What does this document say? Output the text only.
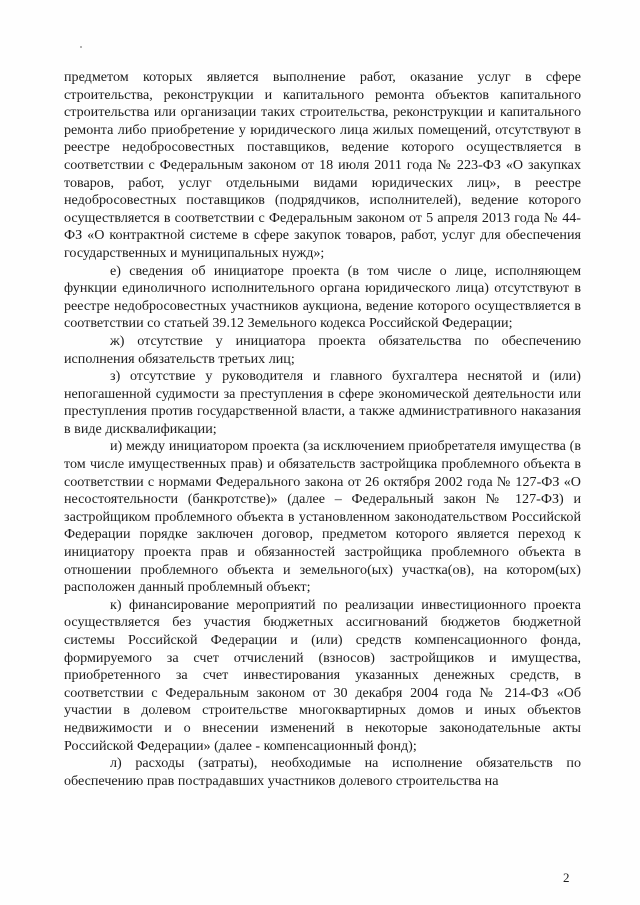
предметом которых является выполнение работ, оказание услуг в сфере строительства, реконструкции и капитального ремонта объектов капитального строительства или организации таких строительства, реконструкции и капитального ремонта либо приобретение у юридического лица жилых помещений, отсутствуют в реестре недобросовестных поставщиков, ведение которого осуществляется в соответствии с Федеральным законом от 18 июля 2011 года № 223-ФЗ «О закупках товаров, работ, услуг отдельными видами юридических лиц», в реестре недобросовестных поставщиков (подрядчиков, исполнителей), ведение которого осуществляется в соответствии с Федеральным законом от 5 апреля 2013 года № 44-ФЗ «О контрактной системе в сфере закупок товаров, работ, услуг для обеспечения государственных и муниципальных нужд»;

е) сведения об инициаторе проекта (в том числе о лице, исполняющем функции единоличного исполнительного органа юридического лица) отсутствуют в реестре недобросовестных участников аукциона, ведение которого осуществляется в соответствии со статьей 39.12 Земельного кодекса Российской Федерации;

ж) отсутствие у инициатора проекта обязательства по обеспечению исполнения обязательств третьих лиц;

з) отсутствие у руководителя и главного бухгалтера неснятой и (или) непогашенной судимости за преступления в сфере экономической деятельности или преступления против государственной власти, а также административного наказания в виде дисквалификации;

и) между инициатором проекта (за исключением приобретателя имущества (в том числе имущественных прав) и обязательств застройщика проблемного объекта в соответствии с нормами Федерального закона от 26 октября 2002 года № 127-ФЗ «О несостоятельности (банкротстве)» (далее – Федеральный закон № 127-ФЗ) и застройщиком проблемного объекта в установленном законодательством Российской Федерации порядке заключен договор, предметом которого является переход к инициатору проекта прав и обязанностей застройщика проблемного объекта в отношении проблемного объекта и земельного(ых) участка(ов), на котором(ых) расположен данный проблемный объект;

к) финансирование мероприятий по реализации инвестиционного проекта осуществляется без участия бюджетных ассигнований бюджетов бюджетной системы Российской Федерации и (или) средств компенсационного фонда, формируемого за счет отчислений (взносов) застройщиков и имущества, приобретенного за счет инвестирования указанных денежных средств, в соответствии с Федеральным законом от 30 декабря 2004 года № 214-ФЗ «Об участии в долевом строительстве многоквартирных домов и иных объектов недвижимости и о внесении изменений в некоторые законодательные акты Российской Федерации» (далее - компенсационный фонд);

л) расходы (затраты), необходимые на исполнение обязательств по обеспечению прав пострадавших участников долевого строительства на

2
